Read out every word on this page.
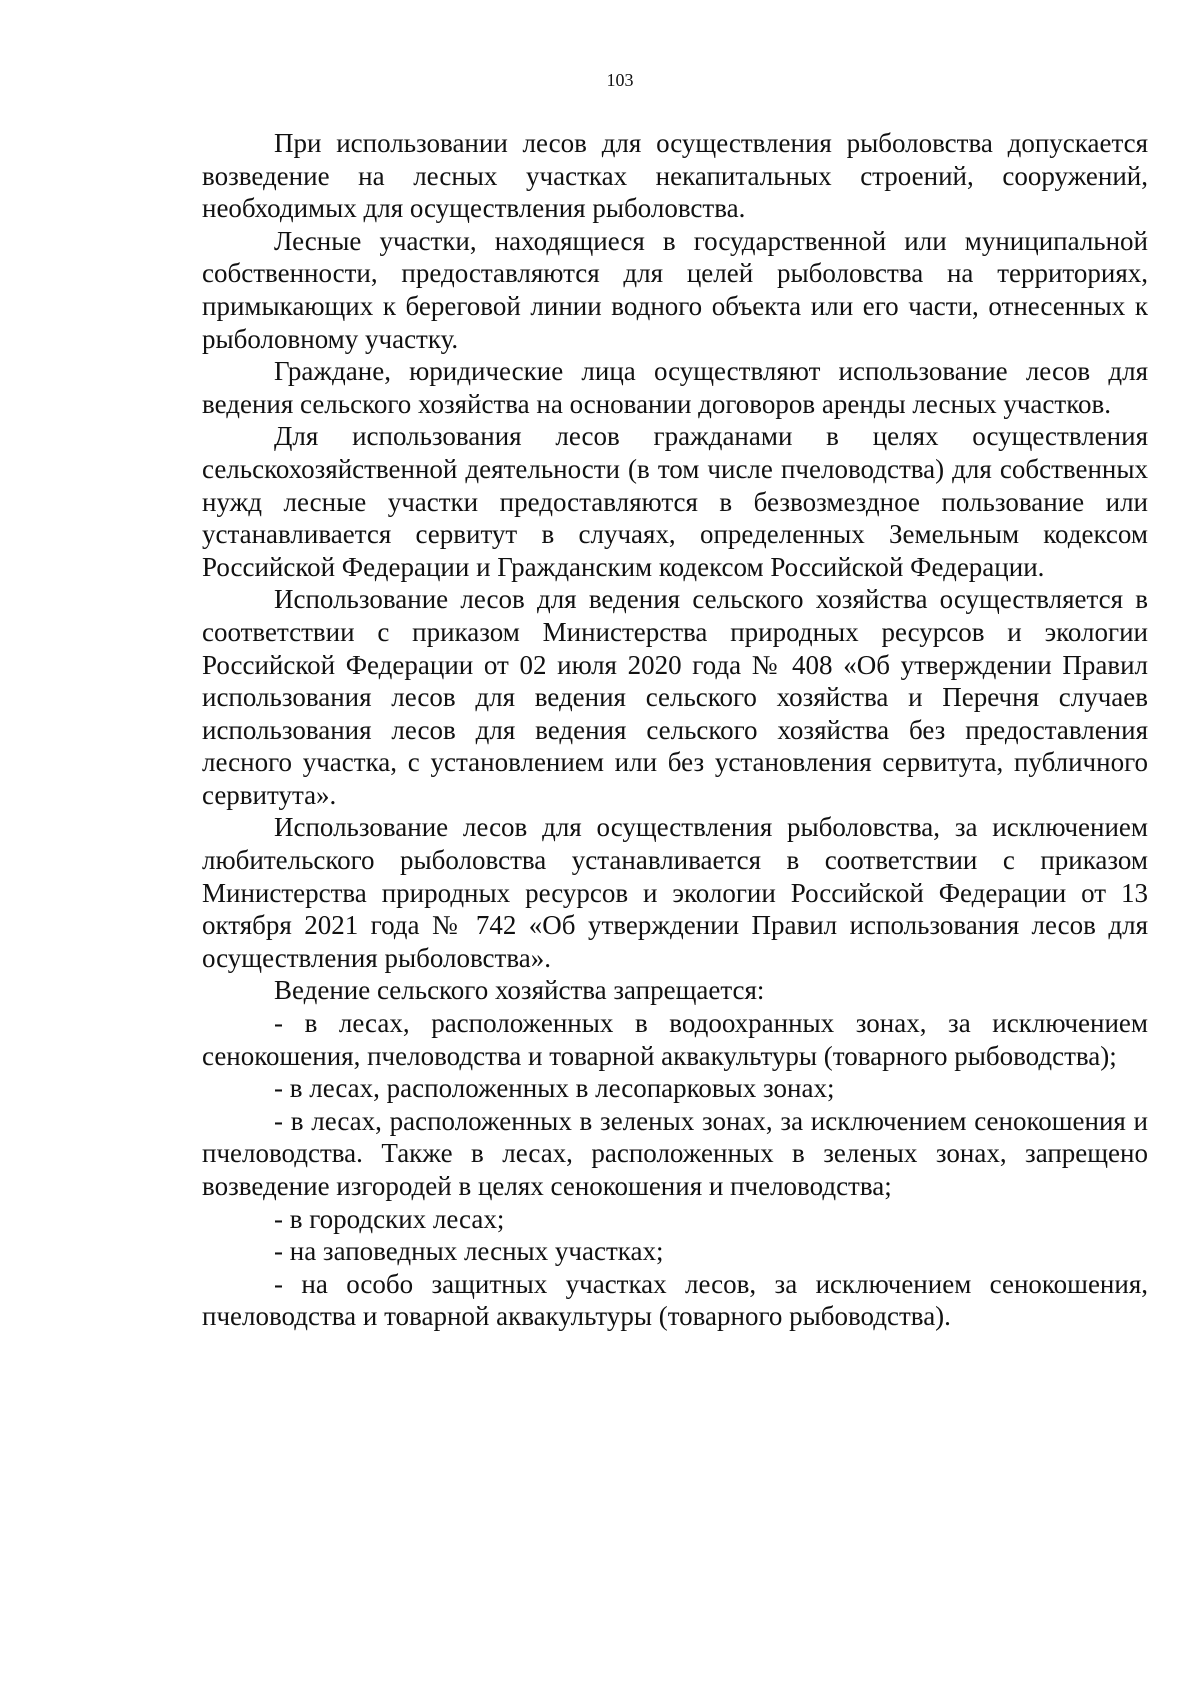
103

При использовании лесов для осуществления рыболовства допускается возведение на лесных участках некапитальных строений, сооружений, необходимых для осуществления рыболовства.

Лесные участки, находящиеся в государственной или муниципальной собственности, предоставляются для целей рыболовства на территориях, примыкающих к береговой линии водного объекта или его части, отнесенных к рыболовному участку.

Граждане, юридические лица осуществляют использование лесов для ведения сельского хозяйства на основании договоров аренды лесных участков.

Для использования лесов гражданами в целях осуществления сельскохозяйственной деятельности (в том числе пчеловодства) для собственных нужд лесные участки предоставляются в безвозмездное пользование или устанавливается сервитут в случаях, определенных Земельным кодексом Российской Федерации и Гражданским кодексом Российской Федерации.

Использование лесов для ведения сельского хозяйства осуществляется в соответствии с приказом Министерства природных ресурсов и экологии Российской Федерации от 02 июля 2020 года № 408 «Об утверждении Правил использования лесов для ведения сельского хозяйства и Перечня случаев использования лесов для ведения сельского хозяйства без предоставления лесного участка, с установлением или без установления сервитута, публичного сервитута».

Использование лесов для осуществления рыболовства, за исключением любительского рыболовства устанавливается в соответствии с приказом Министерства природных ресурсов и экологии Российской Федерации от 13 октября 2021 года № 742 «Об утверждении Правил использования лесов для осуществления рыболовства».

Ведение сельского хозяйства запрещается:

- в лесах, расположенных в водоохранных зонах, за исключением сенокошения, пчеловодства и товарной аквакультуры (товарного рыбоводства);

- в лесах, расположенных в лесопарковых зонах;

- в лесах, расположенных в зеленых зонах, за исключением сенокошения и пчеловодства. Также в лесах, расположенных в зеленых зонах, запрещено возведение изгородей в целях сенокошения и пчеловодства;

- в городских лесах;

- на заповедных лесных участках;

- на особо защитных участках лесов, за исключением сенокошения, пчеловодства и товарной аквакультуры (товарного рыбоводства).
